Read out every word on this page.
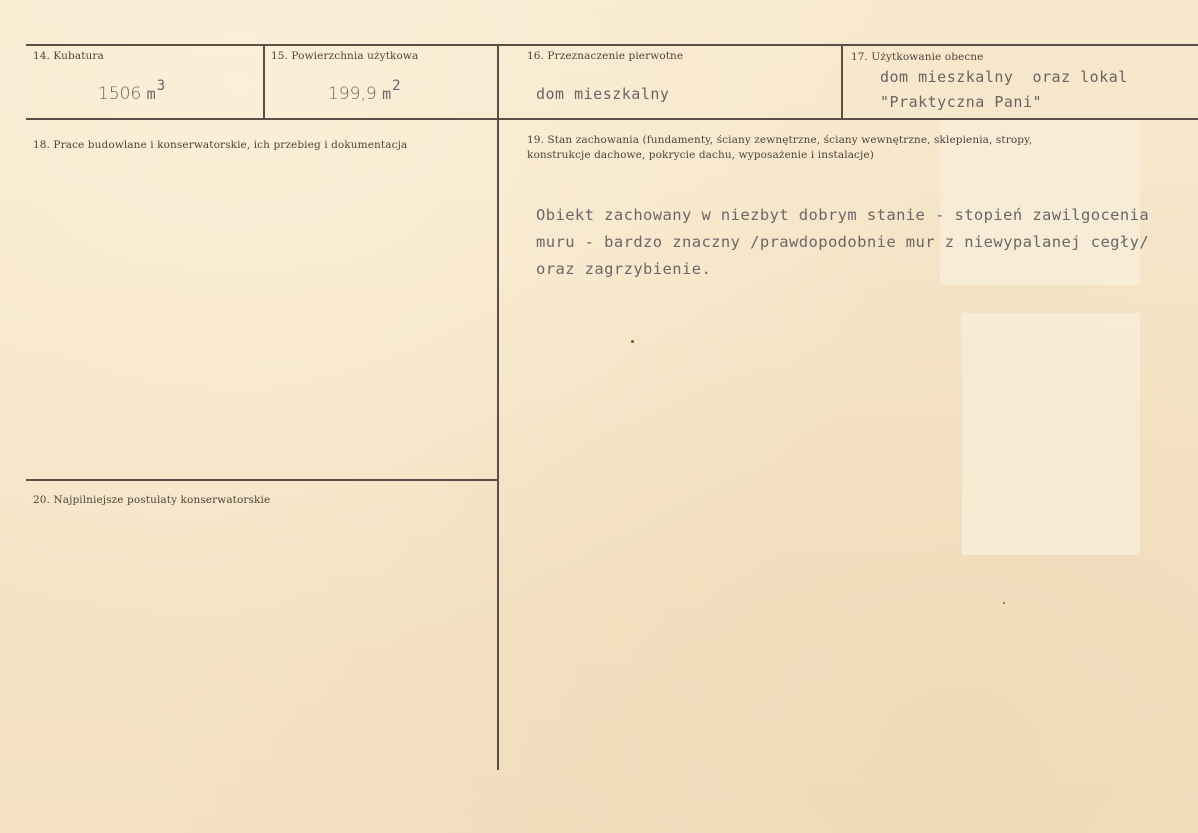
14. Kubatura
1506 m3
15. Powierzchnia użytkowa
199,9 m2
16. Przeznaczenie pierwotne
dom mieszkalny
17. Użytkowanie obecne
dom mieszkalny  oraz lokal
"Praktyczna Pani"
18. Prace budowlane i konserwatorskie, ich przebieg i dokumentacja	19. Stan zachowania (fundamenty, ściany zewnętrzne, ściany wewnętrzne, sklepienia, stropy,
konstrukcje dachowe, pokrycie dachu, wyposażenie i instalacje)
Obiekt zachowany w niezbyt dobrym stanie - stopień zawilgocenia
muru - bardzo znaczny /prawdopodobnie mur z niewypalanej cegły/
oraz zagrzybienie.
20. Najpilniejsze postulaty konserwatorskie
